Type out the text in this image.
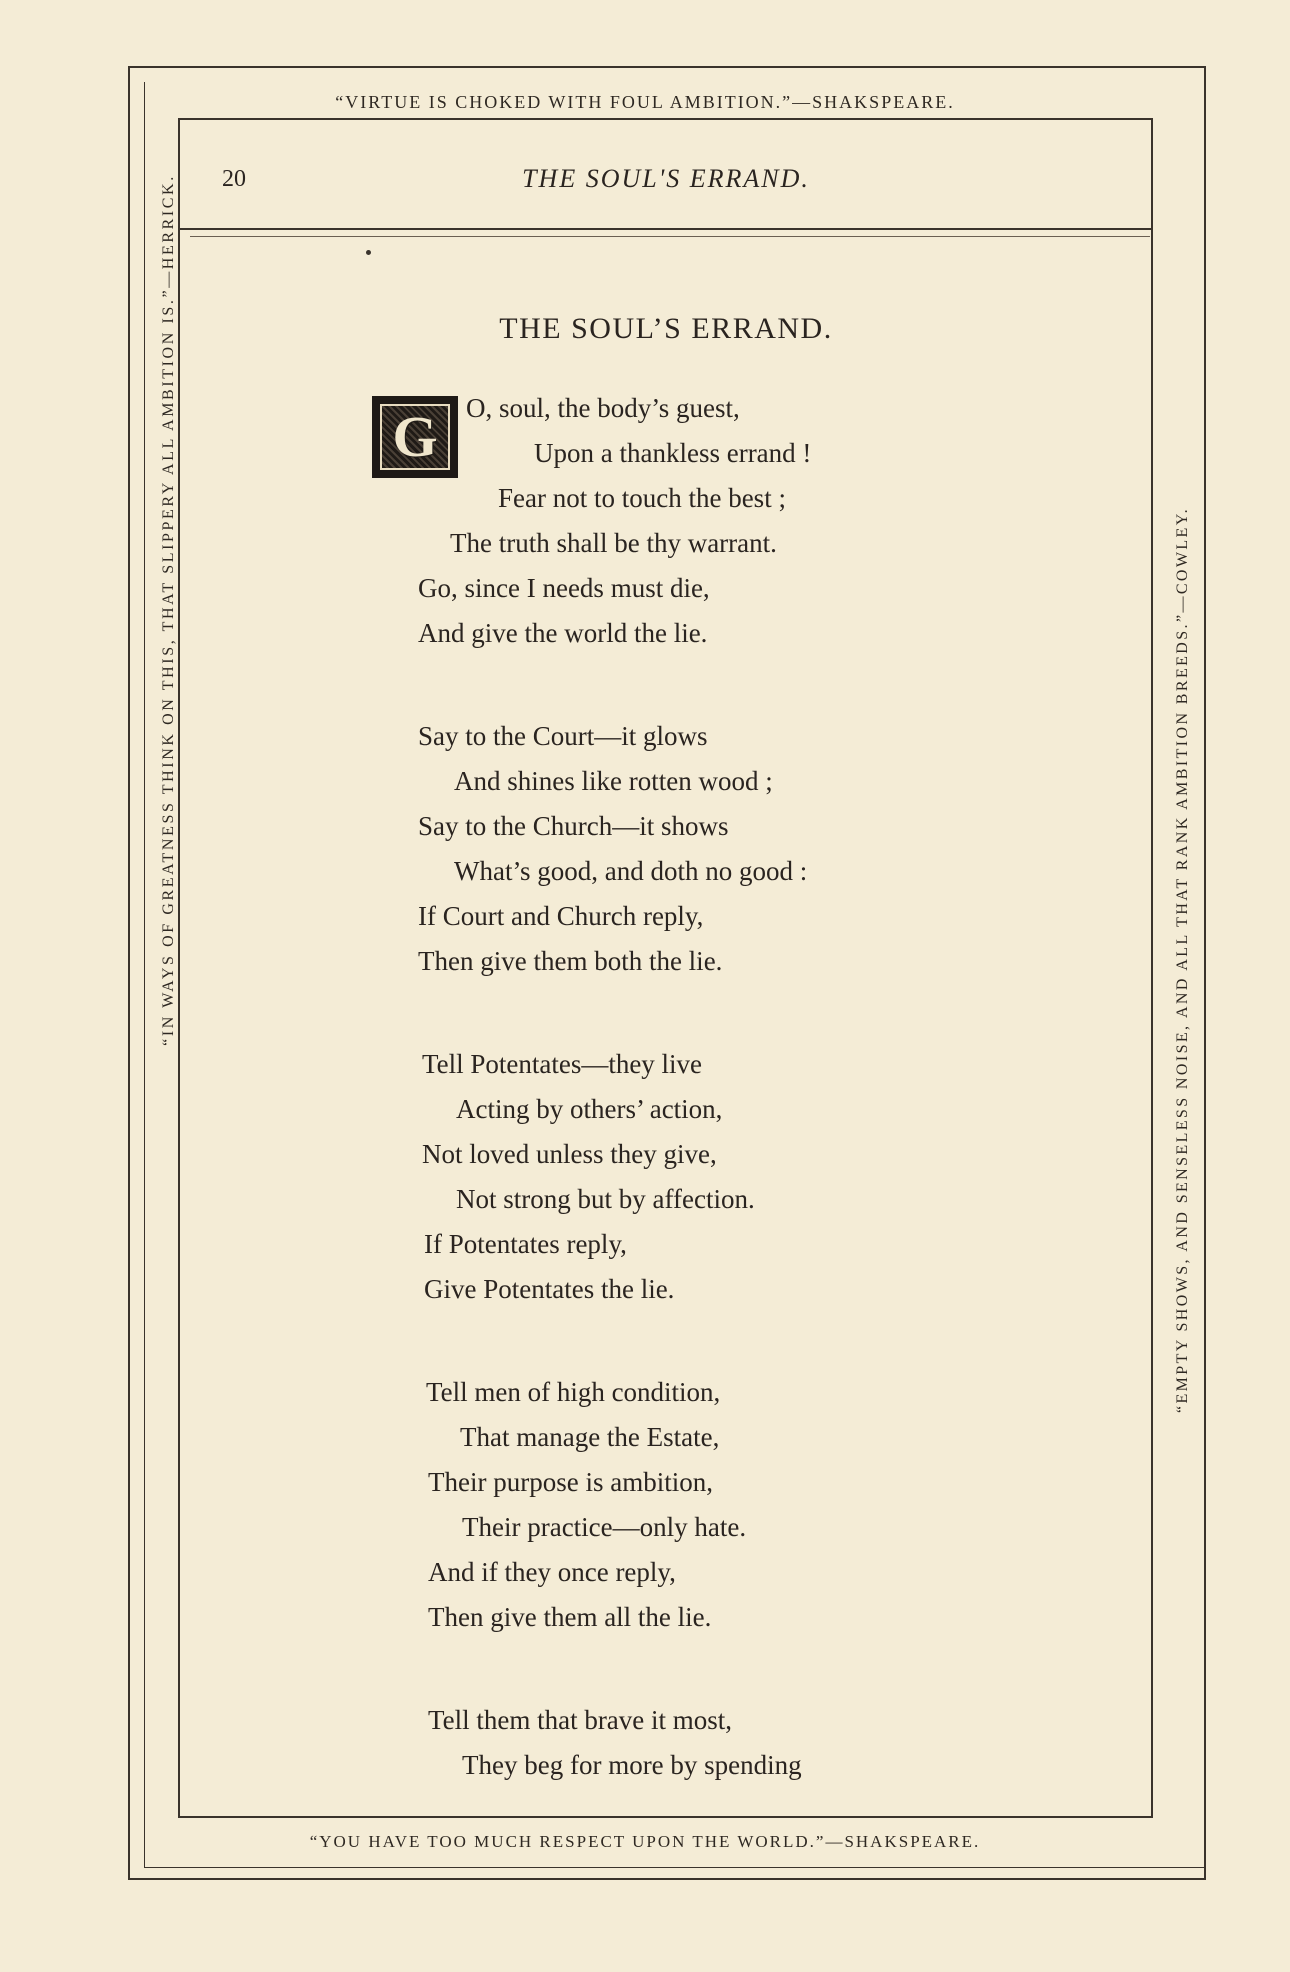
“VIRTUE IS CHOKED WITH FOUL AMBITION.”—SHAKSPEARE.
“YOU HAVE TOO MUCH RESPECT UPON THE WORLD.”—SHAKSPEARE.
“IN WAYS OF GREATNESS THINK ON THIS, THAT SLIPPERY ALL AMBITION IS.”—HERRICK.	“EMPTY SHOWS, AND SENSELESS NOISE, AND ALL THAT RANK AMBITION BREEDS.”—COWLEY.
20	THE SOUL'S ERRAND.
THE SOUL’S ERRAND.
G O, soul, the body’s guest,
Upon a thankless errand !
Fear not to touch the best ;
The truth shall be thy warrant.
Go, since I needs must die,
And give the world the lie.
Say to the Court—it glows
And shines like rotten wood ;
Say to the Church—it shows
What’s good, and doth no good :
If Court and Church reply,
Then give them both the lie.
Tell Potentates—they live
Acting by others’ action,
Not loved unless they give,
Not strong but by affection.
If Potentates reply,
Give Potentates the lie.
Tell men of high condition,
That manage the Estate,
Their purpose is ambition,
Their practice—only hate.
And if they once reply,
Then give them all the lie.
Tell them that brave it most,
They beg for more by spending
